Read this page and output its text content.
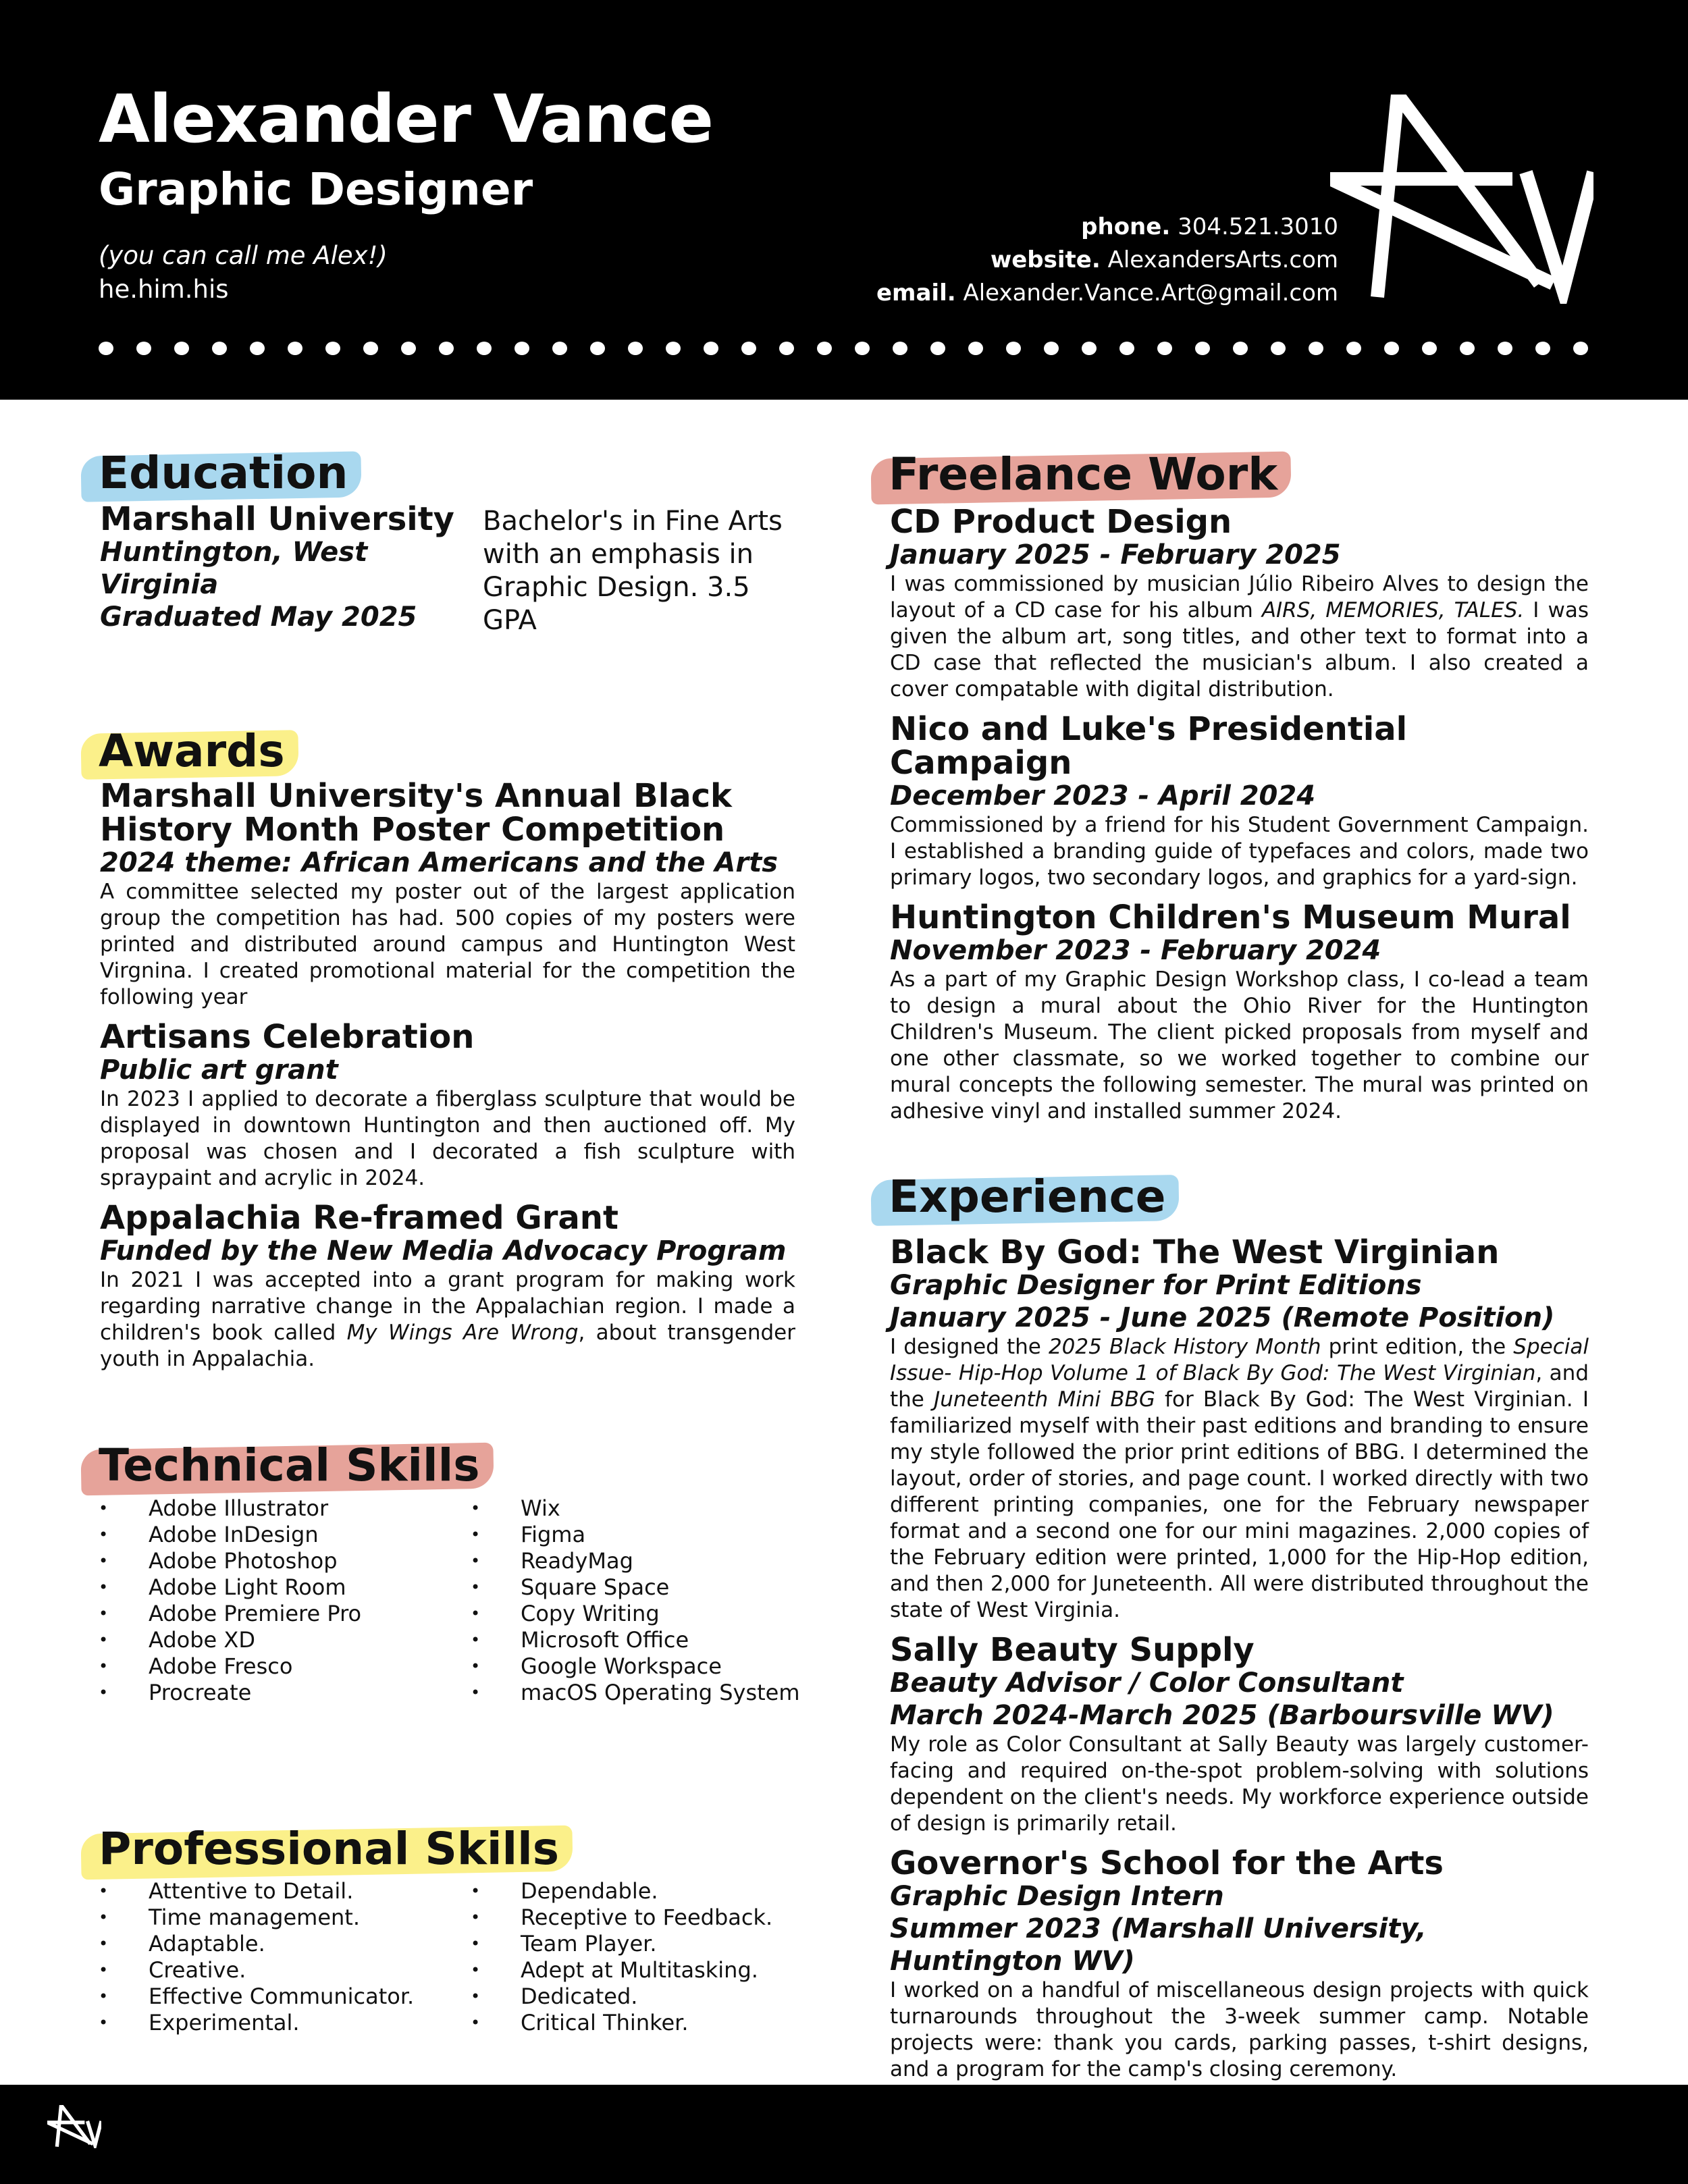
Alexander Vance
Graphic Designer
(you can call me Alex!)
he.him.his
phone. 304.521.3010
website. AlexandersArts.com
email. Alexander.Vance.Art@gmail.com
Education
Marshall University
Huntington, West Virginia
Graduated May 2025
Bachelor's in Fine Arts
with an emphasis in
Graphic Design. 3.5 GPA
Awards
Marshall University's Annual Black History Month Poster Competition
2024 theme: African Americans and the Arts
A committee selected my poster out of the largest application group the competition has had. 500 copies of my posters were printed and distributed around campus and Huntington West Virgnina. I created promotional material for the competition the following year
Artisans Celebration
Public art grant
In 2023 I applied to decorate a fiberglass sculpture that would be displayed in downtown Huntington and then auctioned off. My proposal was chosen and I decorated a fish sculpture with spraypaint and acrylic in 2024.
Appalachia Re-framed Grant
Funded by the New Media Advocacy Program
In 2021 I was accepted into a grant program for making work regarding narrative change in the Appalachian region. I made a children's book called My Wings Are Wrong, about transgender youth in Appalachia.
Technical Skills
• Adobe Illustrator
• Adobe InDesign
• Adobe Photoshop
• Adobe Light Room
• Adobe Premiere Pro
• Adobe XD
• Adobe Fresco
• Procreate
• Wix
• Figma
• ReadyMag
• Square Space
• Copy Writing
• Microsoft Office
• Google Workspace
• macOS Operating System
Professional Skills
• Attentive to Detail.
• Time management.
• Adaptable.
• Creative.
• Effective Communicator.
• Experimental.
• Dependable.
• Receptive to Feedback.
• Team Player.
• Adept at Multitasking.
• Dedicated.
• Critical Thinker.
Freelance Work
CD Product Design
January 2025 - February 2025
I was commissioned by musician Júlio Ribeiro Alves to design the layout of a CD case for his album AIRS, MEMORIES, TALES. I was given the album art, song titles, and other text to format into a CD case that reflected the musician's album. I also created a cover compatable with digital distribution.
Nico and Luke's Presidential Campaign
December 2023 - April 2024
Commissioned by a friend for his Student Government Campaign. I established a branding guide of typefaces and colors, made two primary logos, two secondary logos, and graphics for a yard-sign.
Huntington Children's Museum Mural
November 2023 - February 2024
As a part of my Graphic Design Workshop class, I co-lead a team to design a mural about the Ohio River for the Huntington Children's Museum. The client picked proposals from myself and one other classmate, so we worked together to combine our mural concepts the following semester. The mural was printed on adhesive vinyl and installed summer 2024.
Experience
Black By God: The West Virginian
Graphic Designer for Print Editions
January 2025 - June 2025 (Remote Position)
I designed the 2025 Black History Month print edition, the Special Issue- Hip-Hop Volume 1 of Black By God: The West Virginian, and the Juneteenth Mini BBG for Black By God: The West Virginian. I familiarized myself with their past editions and branding to ensure my style followed the prior print editions of BBG. I determined the layout, order of stories, and page count. I worked directly with two different printing companies, one for the February newspaper format and a second one for our mini magazines. 2,000 copies of the February edition were printed, 1,000 for the Hip-Hop edition, and then 2,000 for Juneteenth. All were distributed throughout the state of West Virginia.
Sally Beauty Supply
Beauty Advisor / Color Consultant
March 2024-March 2025 (Barboursville WV)
My role as Color Consultant at Sally Beauty was largely customer-facing and required on-the-spot problem-solving with solutions dependent on the client's needs. My workforce experience outside of design is primarily retail.
Governor's School for the Arts
Graphic Design Intern
Summer 2023 (Marshall University, Huntington WV)
I worked on a handful of miscellaneous design projects with quick turnarounds throughout the 3-week summer camp. Notable projects were: thank you cards, parking passes, t-shirt designs, and a program for the camp's closing ceremony.
